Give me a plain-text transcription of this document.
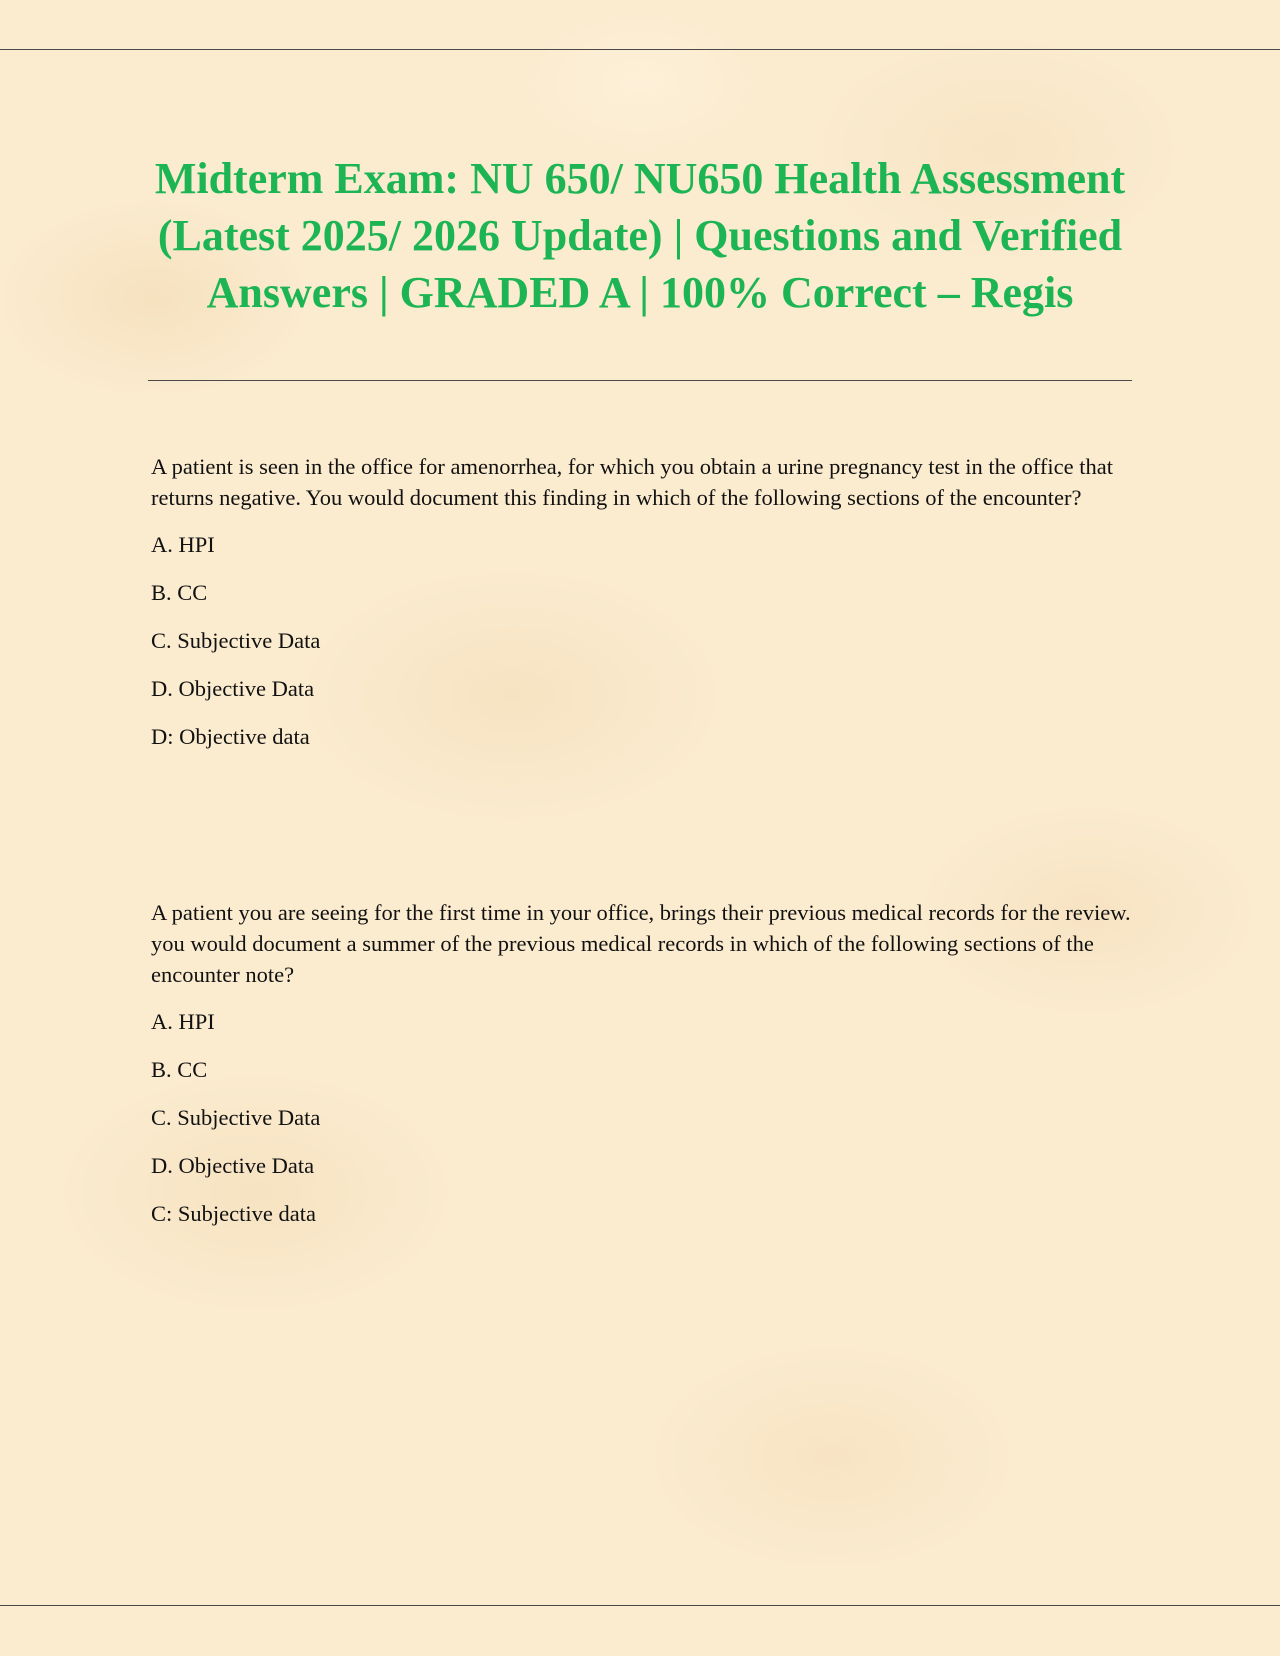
Midterm Exam: NU 650/ NU650 Health Assessment (Latest 2025/ 2026 Update) | Questions and Verified Answers | GRADED A | 100% Correct – Regis

A patient is seen in the office for amenorrhea, for which you obtain a urine pregnancy test in the office that returns negative. You would document this finding in which of the following sections of the encounter?

A. HPI

B. CC

C. Subjective Data

D. Objective Data

D: Objective data

A patient you are seeing for the first time in your office, brings their previous medical records for the review. you would document a summer of the previous medical records in which of the following sections of the encounter note?

A. HPI

B. CC

C. Subjective Data

D. Objective Data

C: Subjective data
